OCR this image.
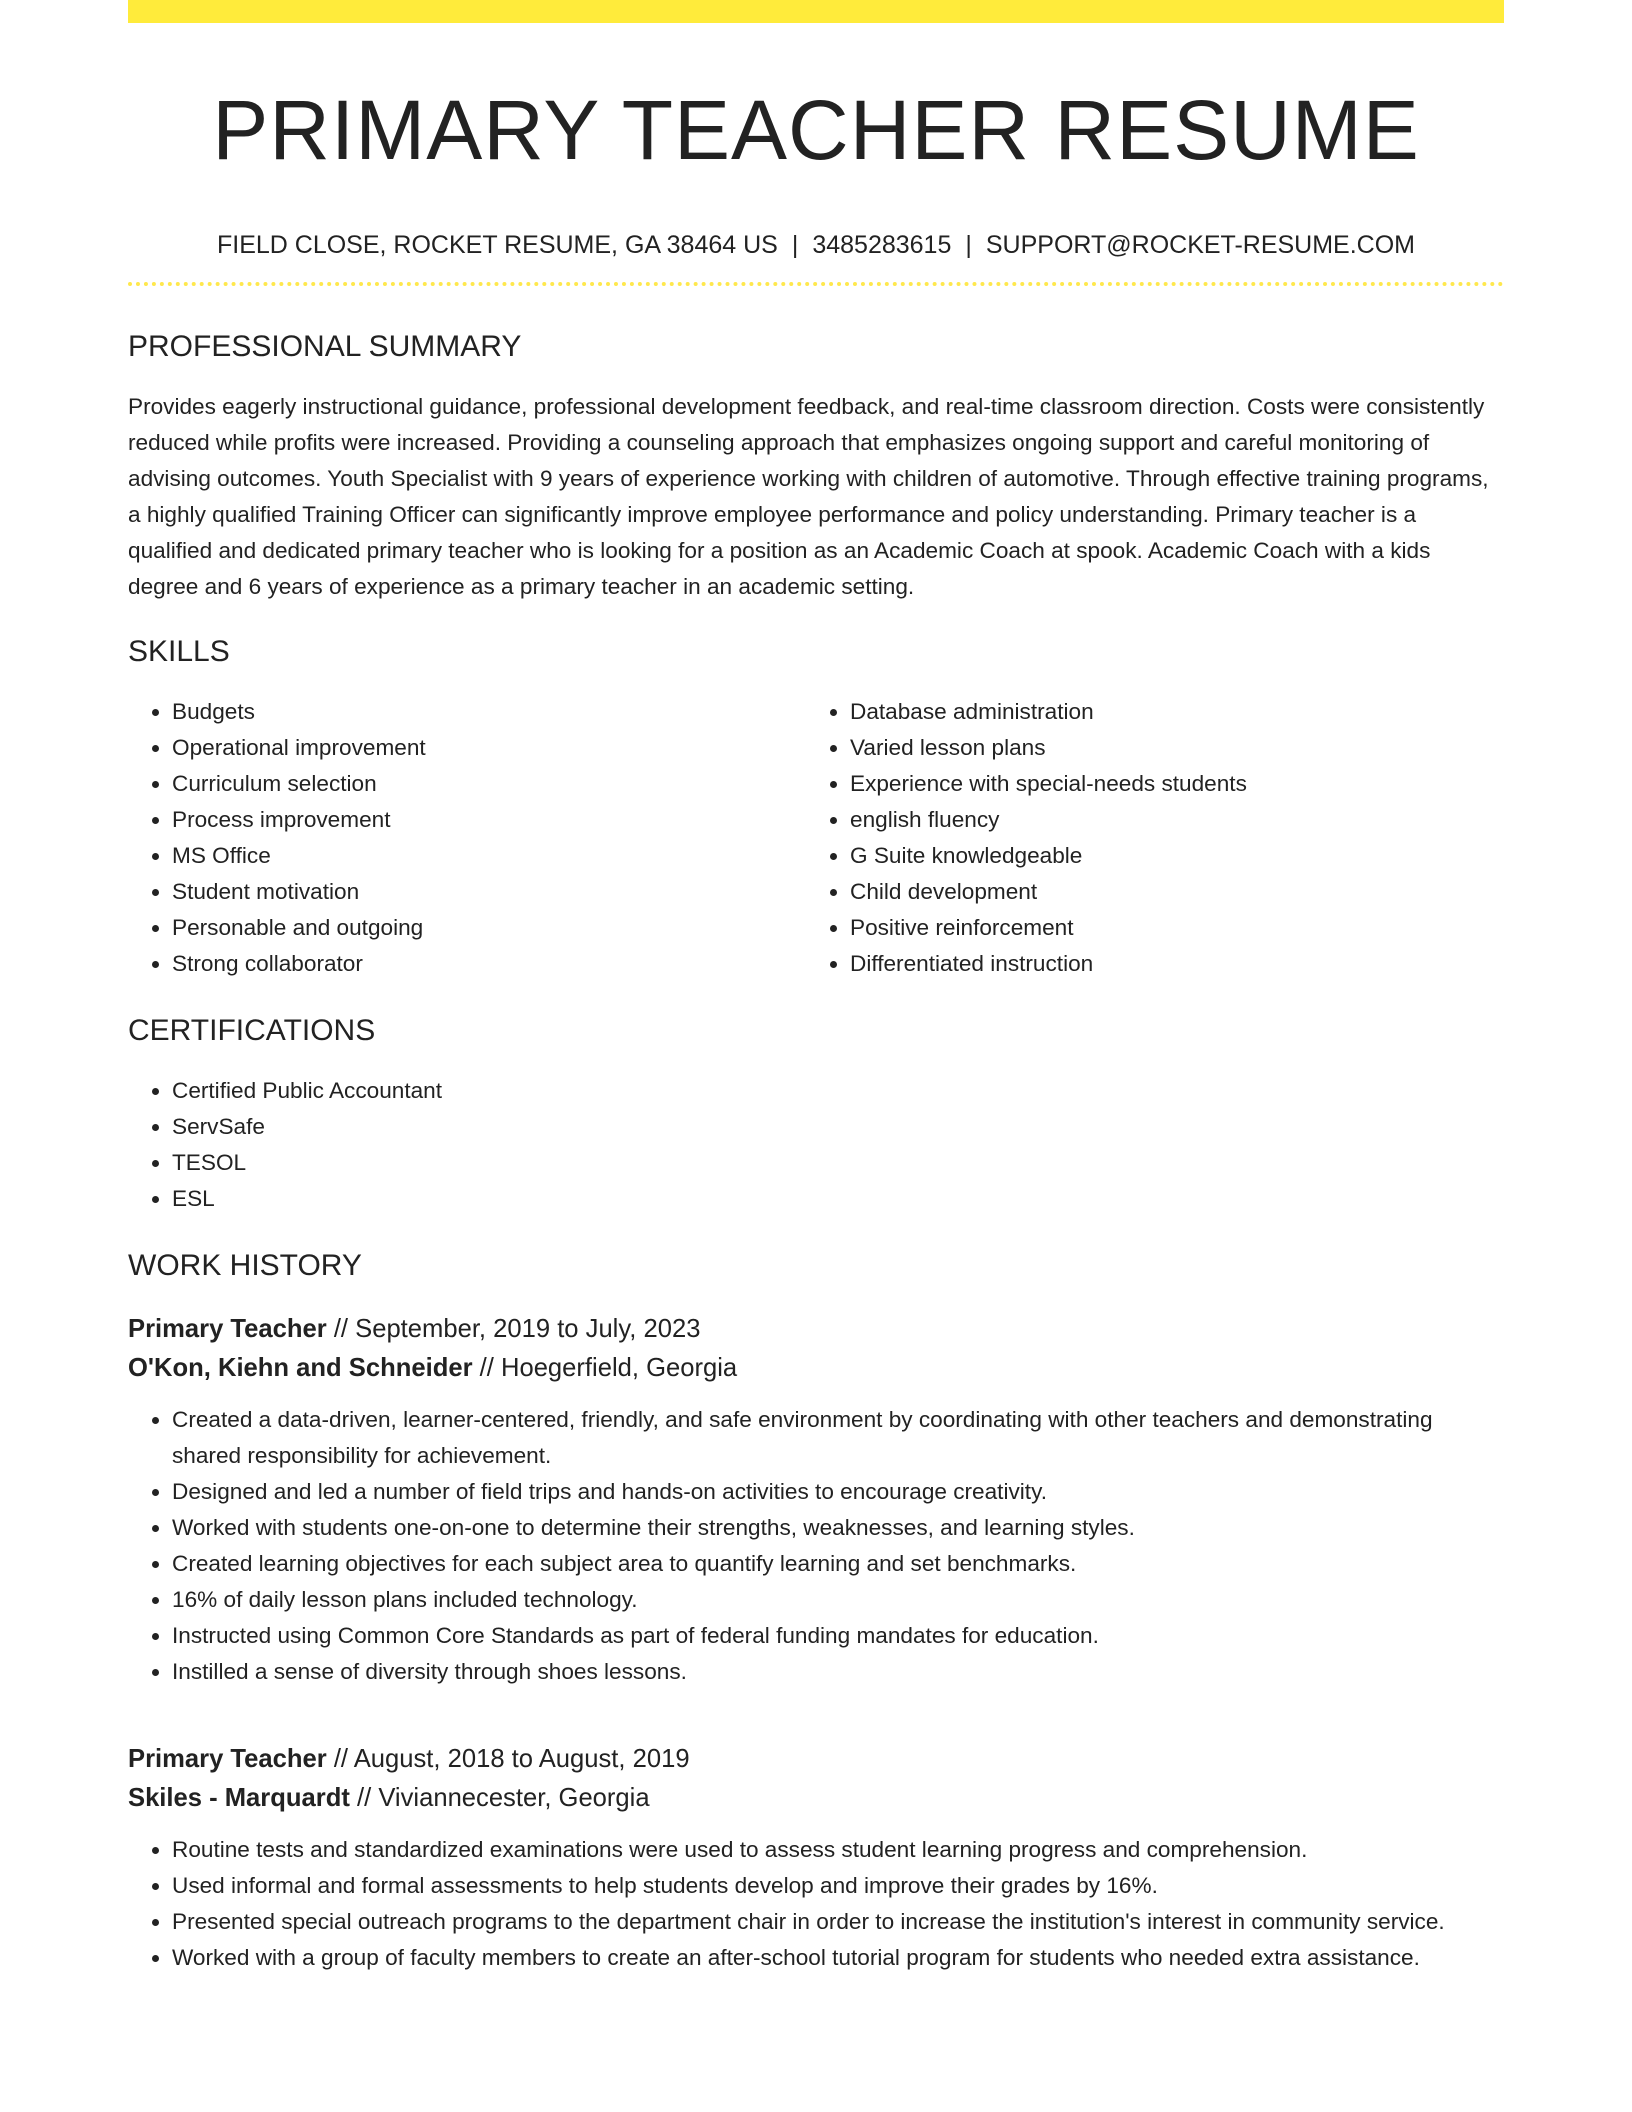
PRIMARY TEACHER RESUME
FIELD CLOSE, ROCKET RESUME, GA 38464 US | 3485283615 | SUPPORT@ROCKET-RESUME.COM
PROFESSIONAL SUMMARY
Provides eagerly instructional guidance, professional development feedback, and real-time classroom direction. Costs were consistently reduced while profits were increased. Providing a counseling approach that emphasizes ongoing support and careful monitoring of advising outcomes. Youth Specialist with 9 years of experience working with children of automotive. Through effective training programs, a highly qualified Training Officer can significantly improve employee performance and policy understanding. Primary teacher is a qualified and dedicated primary teacher who is looking for a position as an Academic Coach at spook. Academic Coach with a kids degree and 6 years of experience as a primary teacher in an academic setting.
SKILLS
• Budgets
• Operational improvement
• Curriculum selection
• Process improvement
• MS Office
• Student motivation
• Personable and outgoing
• Strong collaborator
• Database administration
• Varied lesson plans
• Experience with special-needs students
• english fluency
• G Suite knowledgeable
• Child development
• Positive reinforcement
• Differentiated instruction
CERTIFICATIONS
• Certified Public Accountant
• ServSafe
• TESOL
• ESL
WORK HISTORY
Primary Teacher // September, 2019 to July, 2023
O'Kon, Kiehn and Schneider // Hoegerfield, Georgia
• Created a data-driven, learner-centered, friendly, and safe environment by coordinating with other teachers and demonstrating shared responsibility for achievement.
• Designed and led a number of field trips and hands-on activities to encourage creativity.
• Worked with students one-on-one to determine their strengths, weaknesses, and learning styles.
• Created learning objectives for each subject area to quantify learning and set benchmarks.
• 16% of daily lesson plans included technology.
• Instructed using Common Core Standards as part of federal funding mandates for education.
• Instilled a sense of diversity through shoes lessons.
Primary Teacher // August, 2018 to August, 2019
Skiles - Marquardt // Viviannecester, Georgia
• Routine tests and standardized examinations were used to assess student learning progress and comprehension.
• Used informal and formal assessments to help students develop and improve their grades by 16%.
• Presented special outreach programs to the department chair in order to increase the institution's interest in community service.
• Worked with a group of faculty members to create an after-school tutorial program for students who needed extra assistance.
